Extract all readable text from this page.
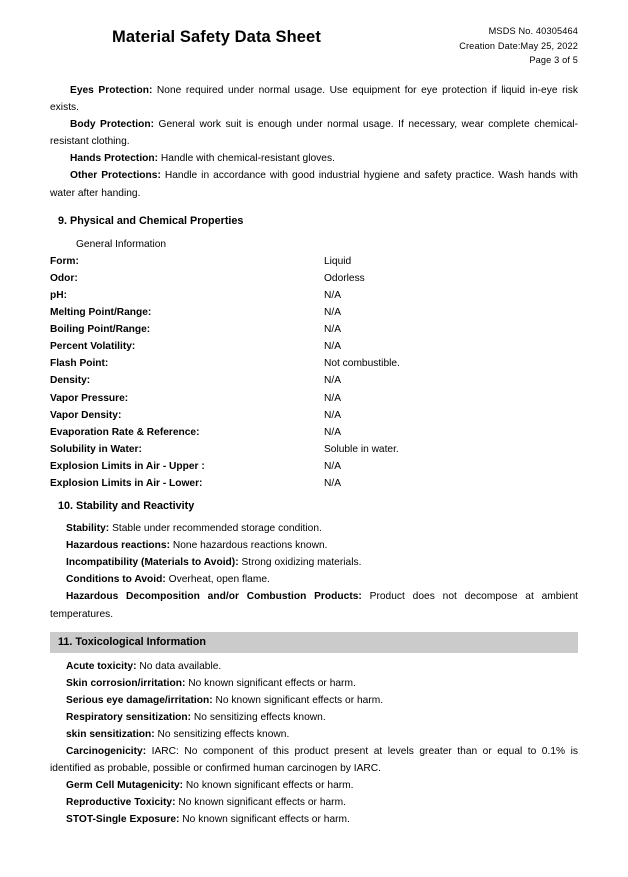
Material Safety Data Sheet	MSDS No. 40305464
Creation Date:May 25, 2022
Page 3 of 5

Eyes Protection: None required under normal usage. Use equipment for eye protection if liquid in-eye risk exists.

Body Protection: General work suit is enough under normal usage. If necessary, wear complete chemical-resistant clothing.

Hands Protection: Handle with chemical-resistant gloves.

Other Protections: Handle in accordance with good industrial hygiene and safety practice. Wash hands with water after handing.

9. Physical and Chemical Properties
General Information
Form:	Liquid
Odor:	Odorless
pH:	N/A
Melting Point/Range:	N/A
Boiling Point/Range:	N/A
Percent Volatility:	N/A
Flash Point:	Not combustible.
Density:	N/A
Vapor Pressure:	N/A
Vapor Density:	N/A
Evaporation Rate & Reference:	N/A
Solubility in Water:	Soluble in water.
Explosion Limits in Air - Upper :	N/A
Explosion Limits in Air - Lower:	N/A
10. Stability and Reactivity

Stability: Stable under recommended storage condition.

Hazardous reactions: None hazardous reactions known.

Incompatibility (Materials to Avoid): Strong oxidizing materials.

Conditions to Avoid: Overheat, open flame.

Hazardous Decomposition and/or Combustion Products: Product does not decompose at ambient temperatures.

11. Toxicological Information

Acute toxicity: No data available.

Skin corrosion/irritation: No known significant effects or harm.

Serious eye damage/irritation: No known significant effects or harm.

Respiratory sensitization: No sensitizing effects known.

skin sensitization: No sensitizing effects known.

Carcinogenicity: IARC: No component of this product present at levels greater than or equal to 0.1% is identified as probable, possible or confirmed human carcinogen by IARC.

Germ Cell Mutagenicity: No known significant effects or harm.

Reproductive Toxicity: No known significant effects or harm.

STOT-Single Exposure: No known significant effects or harm.
